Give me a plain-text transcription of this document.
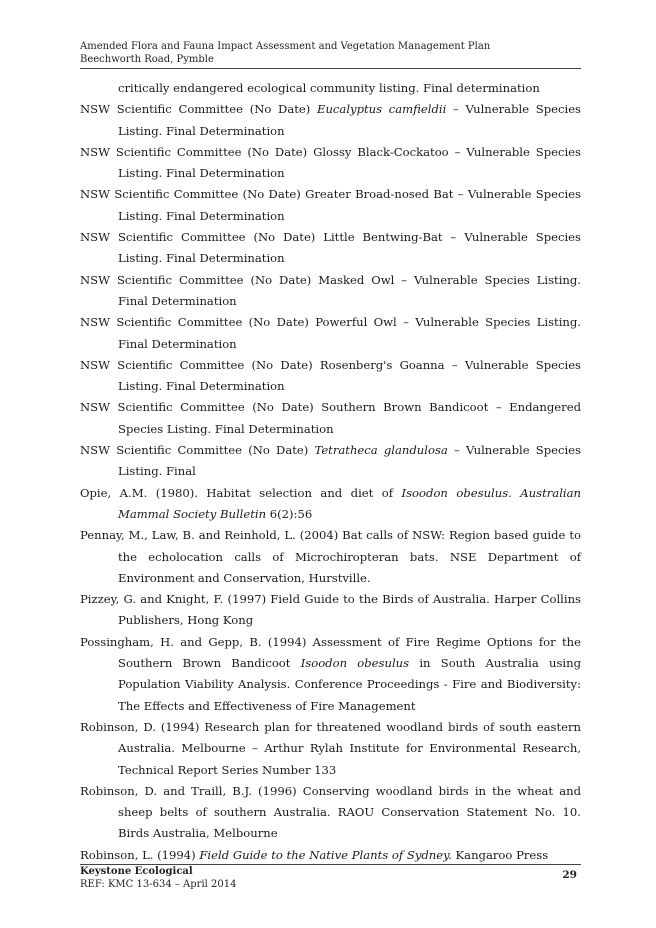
Amended Flora and Fauna Impact Assessment and Vegetation Management Plan
Beechworth Road, Pymble

critically endangered ecological community listing. Final determination

NSW Scientific Committee (No Date) Eucalyptus camfieldii – Vulnerable Species Listing. Final Determination

NSW Scientific Committee (No Date) Glossy Black-Cockatoo – Vulnerable Species Listing. Final Determination

NSW Scientific Committee (No Date) Greater Broad-nosed Bat – Vulnerable Species Listing. Final Determination

NSW Scientific Committee (No Date) Little Bentwing-Bat – Vulnerable Species Listing. Final Determination

NSW Scientific Committee (No Date) Masked Owl – Vulnerable Species Listing. Final Determination

NSW Scientific Committee (No Date) Powerful Owl – Vulnerable Species Listing. Final Determination

NSW Scientific Committee (No Date) Rosenberg's Goanna – Vulnerable Species Listing. Final Determination

NSW Scientific Committee (No Date) Southern Brown Bandicoot – Endangered Species Listing. Final Determination

NSW Scientific Committee (No Date) Tetratheca glandulosa – Vulnerable Species Listing. Final

Opie, A.M. (1980). Habitat selection and diet of Isoodon obesulus. Australian Mammal Society Bulletin 6(2):56

Pennay, M., Law, B. and Reinhold, L. (2004) Bat calls of NSW: Region based guide to the echolocation calls of Microchiropteran bats. NSE Department of Environment and Conservation, Hurstville.

Pizzey, G. and Knight, F. (1997) Field Guide to the Birds of Australia. Harper Collins Publishers, Hong Kong

Possingham, H. and Gepp, B. (1994) Assessment of Fire Regime Options for the Southern Brown Bandicoot Isoodon obesulus in South Australia using Population Viability Analysis. Conference Proceedings - Fire and Biodiversity: The Effects and Effectiveness of Fire Management

Robinson, D. (1994) Research plan for threatened woodland birds of south eastern Australia. Melbourne – Arthur Rylah Institute for Environmental Research, Technical Report Series Number 133

Robinson, D. and Traill, B.J. (1996) Conserving woodland birds in the wheat and sheep belts of southern Australia. RAOU Conservation Statement No. 10. Birds Australia, Melbourne

Robinson, L. (1994) Field Guide to the Native Plants of Sydney. Kangaroo Press

Keystone Ecological
REF: KMC 13-634 – April 2014
29
